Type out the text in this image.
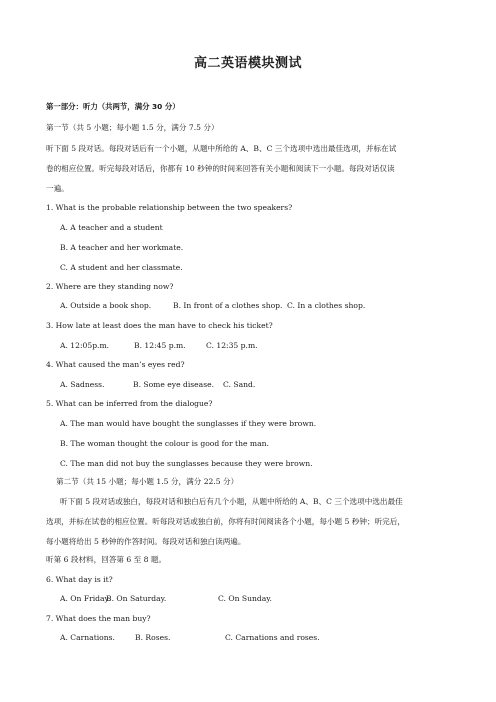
高二英语模块测试
第一部分：听力（共两节，满分 30 分）
第一节（共 5 小题；每小题 1.5 分，满分 7.5 分）
听下面 5 段对话。每段对话后有一个小题，从题中所给的 A、B、C 三个选项中选出最佳选项，并标在试
卷的相应位置。听完每段对话后，你都有 10 秒钟的时间来回答有关小题和阅读下一小题。每段对话仅读
一遍。
1. What is the probable relationship between the two speakers?
A. A teacher and a student
B. A teacher and her workmate.
C. A student and her classmate.
2. Where are they standing now?
A. Outside a book shop.	B. In front of a clothes shop. C. In a clothes shop.
3. How late at least does the man have to check his ticket?
A. 12:05p.m.	B. 12:45 p.m.	C. 12:35 p.m.
4. What caused the man’s eyes red?
A. Sadness.	B. Some eye disease. C. Sand.
5. What can be inferred from the dialogue?
A. The man would have bought the sunglasses if they were brown.
B. The woman thought the colour is good for the man.
C. The man did not buy the sunglasses because they were brown.
第二节（共 15 小题；每小题 1.5 分，满分 22.5 分）
听下面 5 段对话或独白，每段对话和独白后有几个小题，从题中所给的 A、B、C 三个选项中选出最佳
选项，并标在试卷的相应位置。听每段对话或独白前，你将有时间阅读各个小题，每小题 5 秒钟；听完后，
每小题将给出 5 秒钟的作答时间。每段对话和独白读两遍。
听第 6 段材料，回答第 6 至 8 题。
6. What day is it?
A. On Friday.B. On Saturday.	C. On Sunday.
7. What does the man buy?
A. Carnations.	B. Roses.	C. Carnations and roses.
